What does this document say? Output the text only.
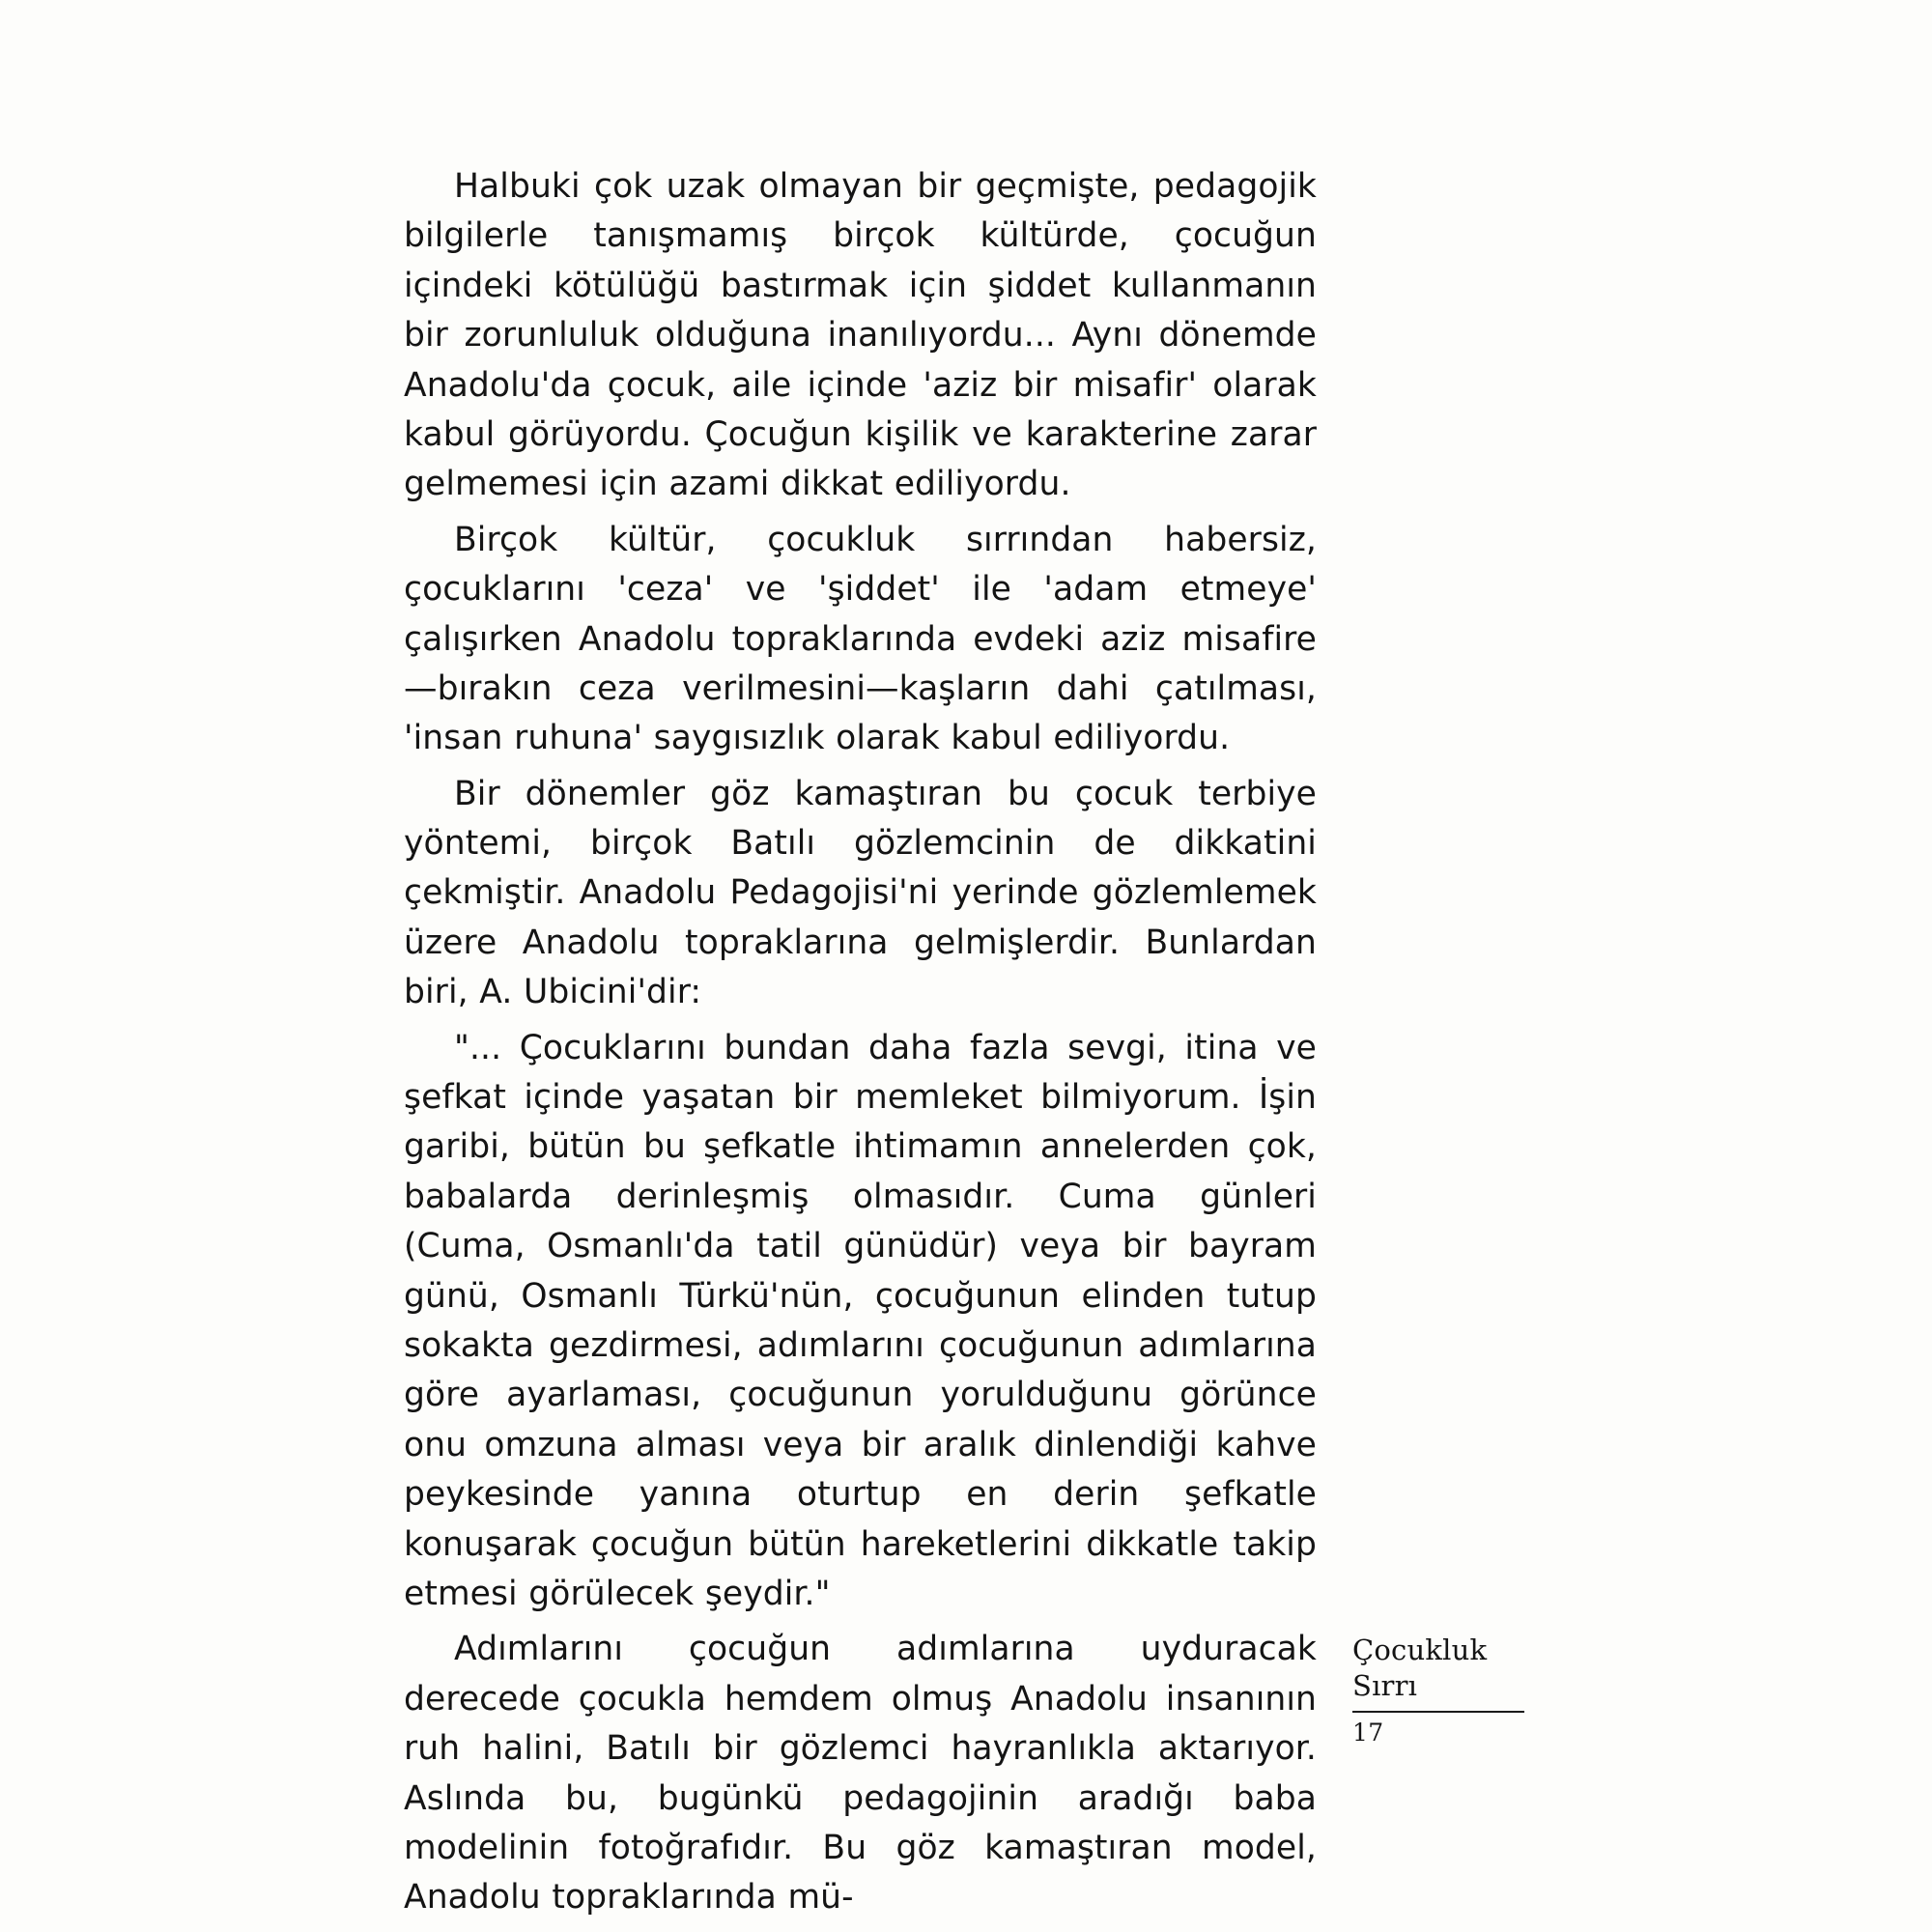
Halbuki çok uzak olmayan bir geçmişte, pedagojik bilgilerle tanışmamış birçok kültürde, çocuğun içindeki kötülüğü bastırmak için şiddet kullanmanın bir zorunluluk olduğuna inanılıyordu... Aynı dönemde Anadolu'da çocuk, aile içinde 'aziz bir misafir' olarak kabul görüyordu. Çocuğun kişilik ve karakterine zarar gelmemesi için azami dikkat ediliyordu.

Birçok kültür, çocukluk sırrından habersiz, çocuklarını 'ceza' ve 'şiddet' ile 'adam etmeye' çalışırken Anadolu topraklarında evdeki aziz misafire—bırakın ceza verilmesini—kaşların dahi çatılması, 'insan ruhuna' saygısızlık olarak kabul ediliyordu.

Bir dönemler göz kamaştıran bu çocuk terbiye yöntemi, birçok Batılı gözlemcinin de dikkatini çekmiştir. Anadolu Pedagojisi'ni yerinde gözlemlemek üzere Anadolu topraklarına gelmişlerdir. Bunlardan biri, A. Ubicini'dir:

"... Çocuklarını bundan daha fazla sevgi, itina ve şefkat içinde yaşatan bir memleket bilmiyorum. İşin garibi, bütün bu şefkatle ihtimamın annelerden çok, babalarda derinleşmiş olmasıdır. Cuma günleri (Cuma, Osmanlı'da tatil günüdür) veya bir bayram günü, Osmanlı Türkü'nün, çocuğunun elinden tutup sokakta gezdirmesi, adımlarını çocuğunun adımlarına göre ayarlaması, çocuğunun yorulduğunu görünce onu omzuna alması veya bir aralık dinlendiği kahve peykesinde yanına oturtup en derin şefkatle konuşarak çocuğun bütün hareketlerini dikkatle takip etmesi görülecek şeydir."

Adımlarını çocuğun adımlarına uyduracak derecede çocukla hemdem olmuş Anadolu insanının ruh halini, Batılı bir gözlemci hayranlıkla aktarıyor. Aslında bu, bugünkü pedagojinin aradığı baba modelinin fotoğrafıdır. Bu göz kamaştıran model, Anadolu topraklarında mü-

Çocukluk
Sırrı
17
